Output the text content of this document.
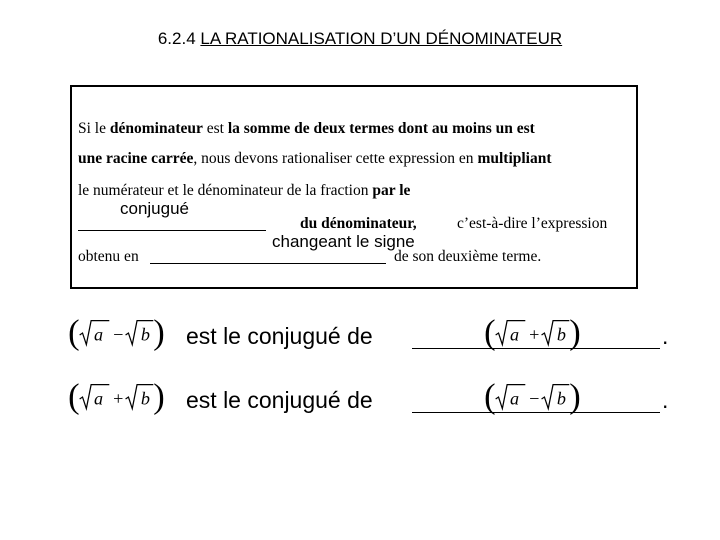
6.2.4 LA RATIONALISATION D’UN DÉNOMINATEUR
Si le dénominateur est la somme de deux termes dont au moins un est
une racine carrée, nous devons rationaliser cette expression en multipliant
le numérateur et le dénominateur de la fraction par le
conjugué
du dénominateur,	c’est-à-dire l’expression
obtenu en
changeant le signe
de son deuxième terme.
( a − b ) est le conjugué de	( a + b )	.
( a + b ) est le conjugué de	( a − b )	.
